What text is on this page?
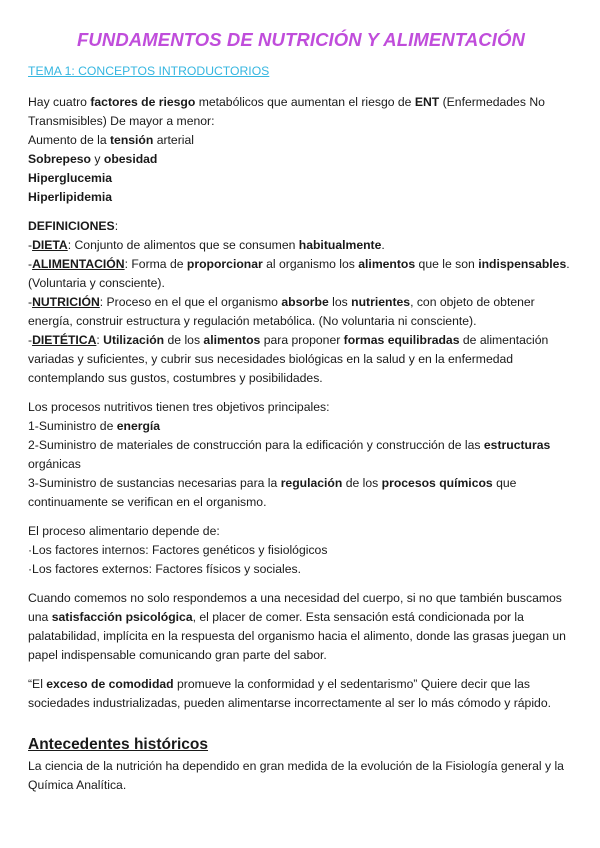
FUNDAMENTOS DE NUTRICIÓN Y ALIMENTACIÓN
TEMA 1: CONCEPTOS INTRODUCTORIOS

Hay cuatro factores de riesgo metabólicos que aumentan el riesgo de ENT (Enfermedades No Transmisibles) De mayor a menor:

Aumento de la tensión arterial

Sobrepeso y obesidad

Hiperglucemia

Hiperlipidemia

DEFINICIONES:

-DIETA: Conjunto de alimentos que se consumen habitualmente.

-ALIMENTACIÓN: Forma de proporcionar al organismo los alimentos que le son indispensables. (Voluntaria y consciente).

-NUTRICIÓN: Proceso en el que el organismo absorbe los nutrientes, con objeto de obtener energía, construir estructura y regulación metabólica. (No voluntaria ni consciente).

-DIETÉTICA: Utilización de los alimentos para proponer formas equilibradas de alimentación variadas y suficientes, y cubrir sus necesidades biológicas en la salud y en la enfermedad contemplando sus gustos, costumbres y posibilidades.

Los procesos nutritivos tienen tres objetivos principales:

1-Suministro de energía

2-Suministro de materiales de construcción para la edificación y construcción de las estructuras orgánicas

3-Suministro de sustancias necesarias para la regulación de los procesos químicos que continuamente se verifican en el organismo.

El proceso alimentario depende de:

·Los factores internos: Factores genéticos y fisiológicos

·Los factores externos: Factores físicos y sociales.

Cuando comemos no solo respondemos a una necesidad del cuerpo, si no que también buscamos una satisfacción psicológica, el placer de comer. Esta sensación está condicionada por la palatabilidad, implícita en la respuesta del organismo hacia el alimento, donde las grasas juegan un papel indispensable comunicando gran parte del sabor.

“El exceso de comodidad promueve la conformidad y el sedentarismo” Quiere decir que las sociedades industrializadas, pueden alimentarse incorrectamente al ser lo más cómodo y rápido.

Antecedentes históricos

La ciencia de la nutrición ha dependido en gran medida de la evolución de la Fisiología general y la Química Analítica.
